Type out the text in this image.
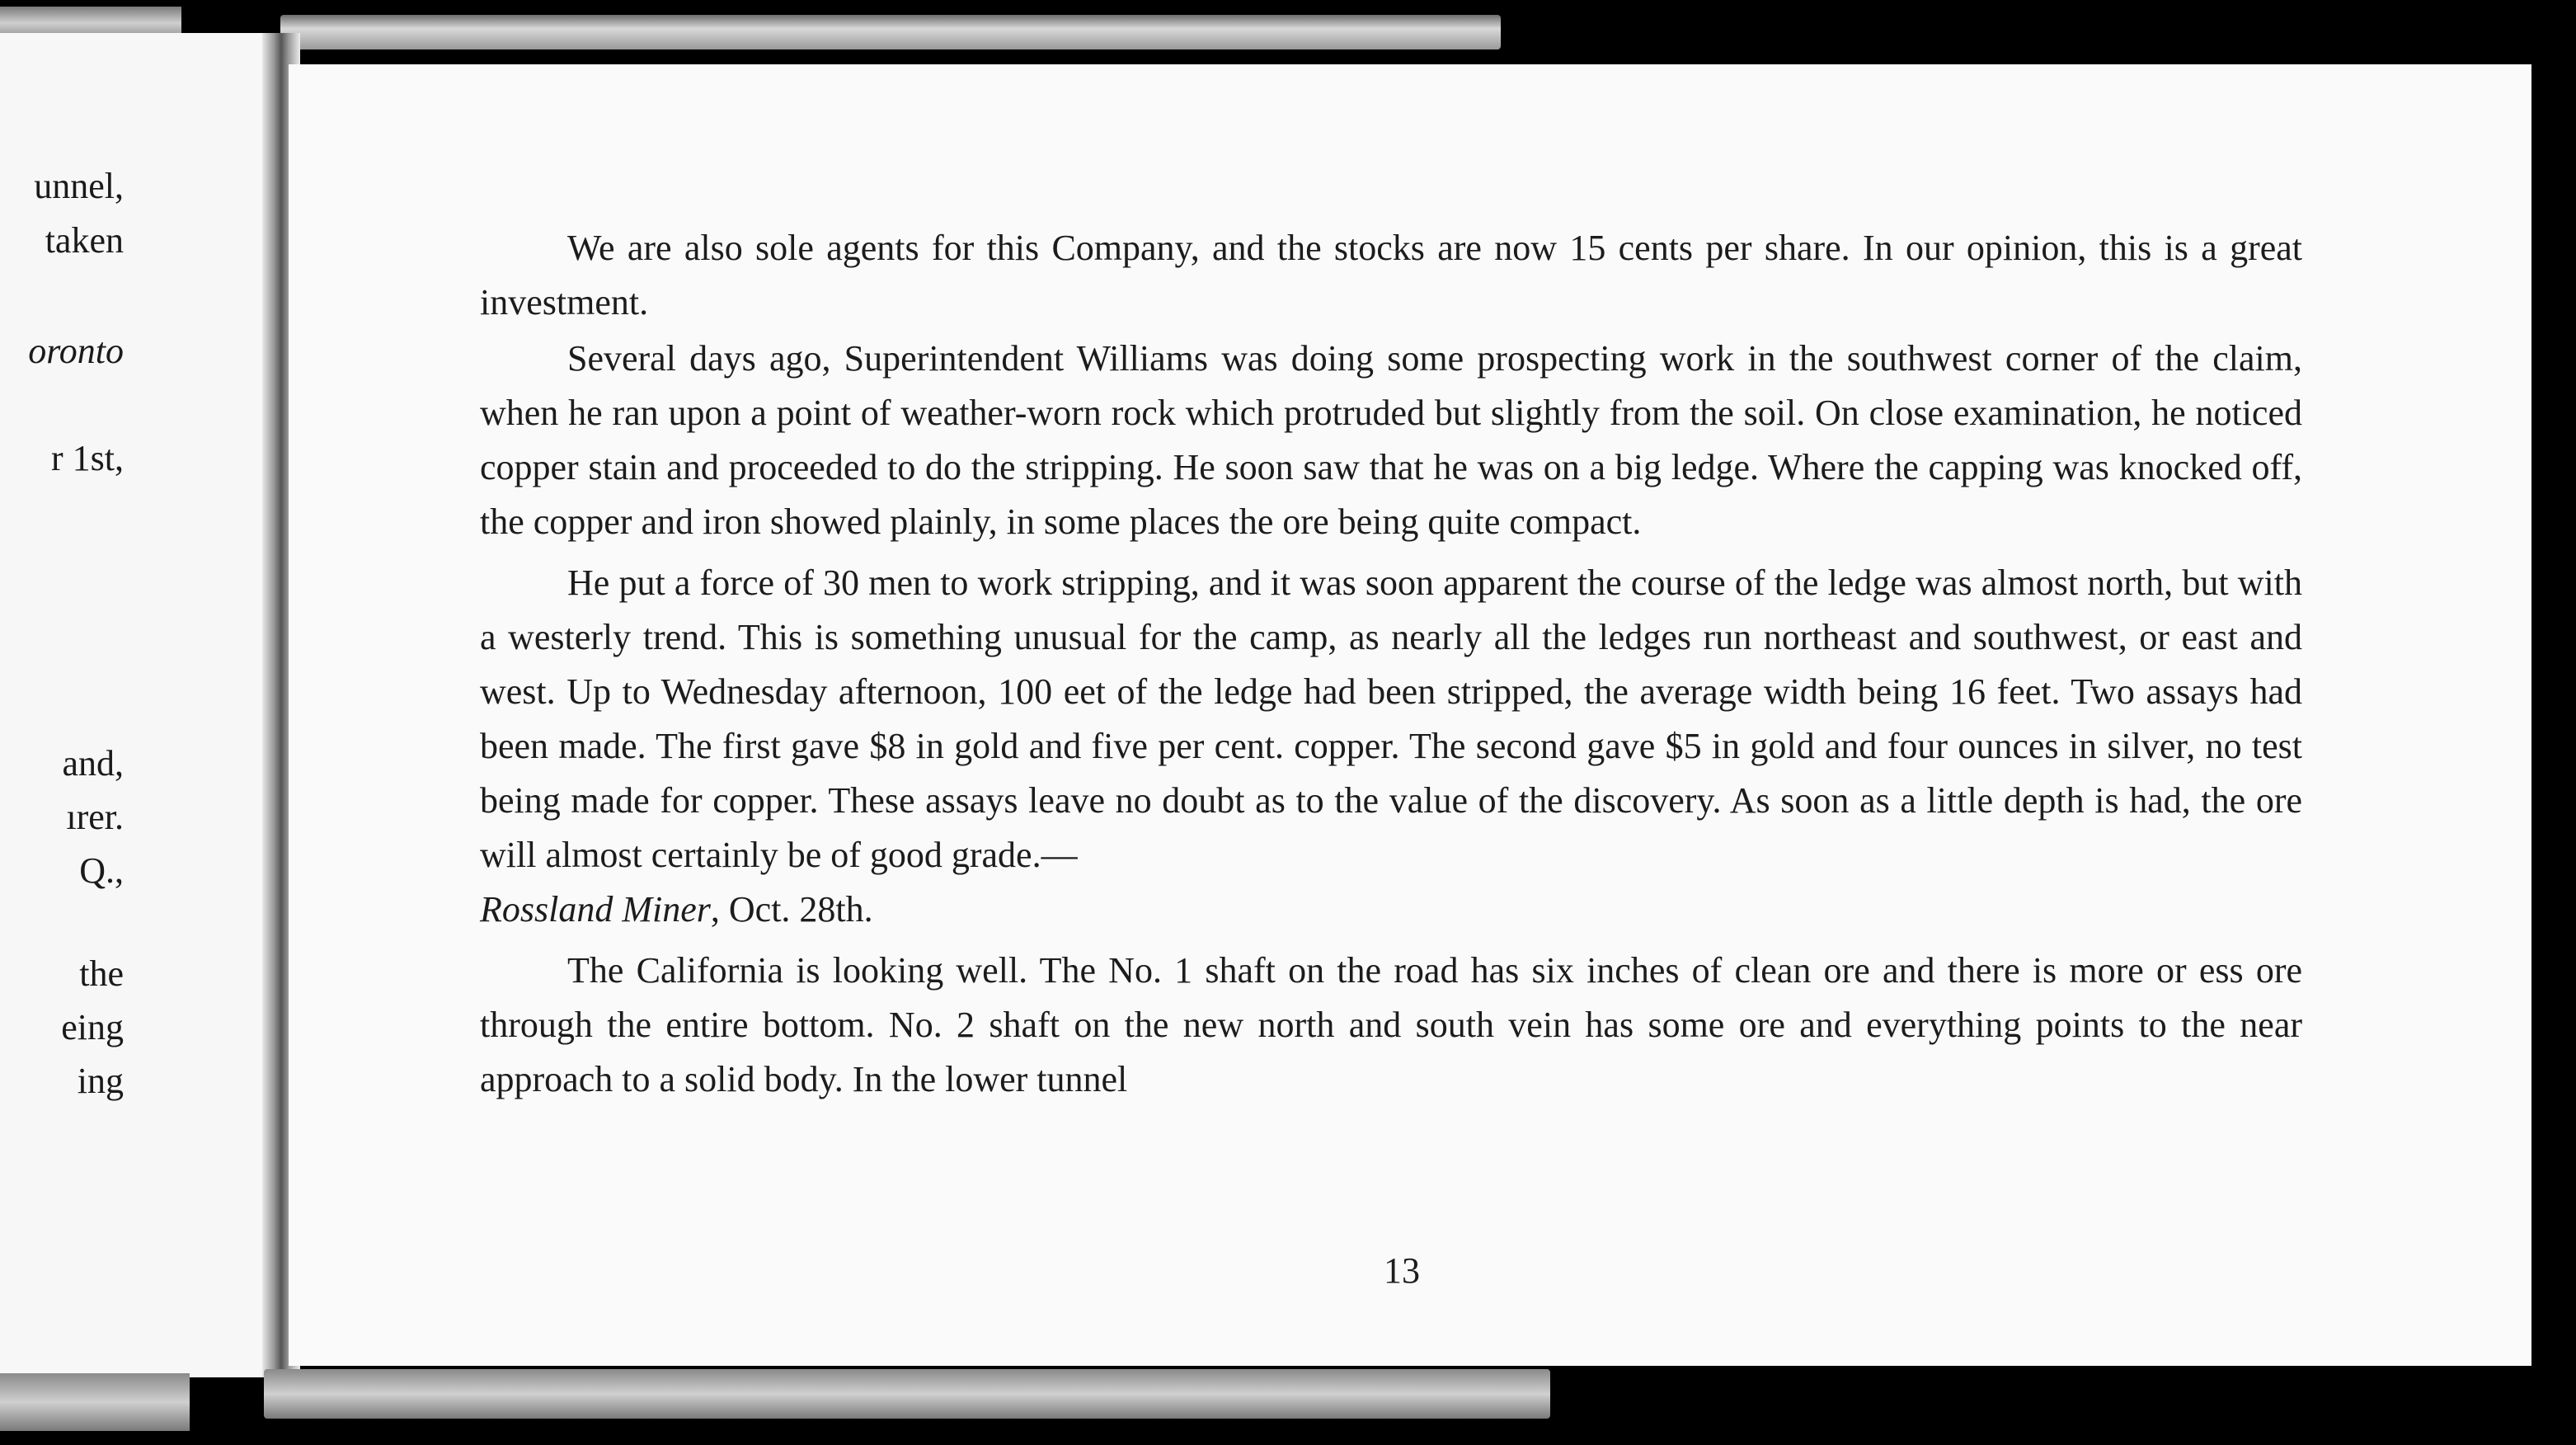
unnel,
taken
oronto
r 1st,
and,
ırer.
Q.,
the
eing
ing

We are also sole agents for this Company, and the stocks are now 15 cents per share. In our opinion, this is a great investment.

Several days ago, Superintendent Williams was doing some prospecting work in the southwest corner of the claim, when he ran upon a point of weather-worn rock which protruded but slightly from the soil. On close examination, he noticed copper stain and proceeded to do the stripping. He soon saw that he was on a big ledge. Where the capping was knocked off, the copper and iron showed plainly, in some places the ore being quite compact.

He put a force of 30 men to work stripping, and it was soon apparent the course of the ledge was almost north, but with a westerly trend. This is something unusual for the camp, as nearly all the ledges run northeast and southwest, or east and west. Up to Wednesday afternoon, 100 eet of the ledge had been stripped, the average width being 16 feet. Two assays had been made. The first gave $8 in gold and five per cent. copper. The second gave $5 in gold and four ounces in silver, no test being made for copper. These assays leave no doubt as to the value of the discovery. As soon as a little depth is had, the ore will almost certainly be of good grade.—
Rossland Miner, Oct. 28th.

The California is looking well. The No. 1 shaft on the road has six inches of clean ore and there is more or ess ore through the entire bottom. No. 2 shaft on the new north and south vein has some ore and everything points to the near approach to a solid body. In the lower tunnel

13
